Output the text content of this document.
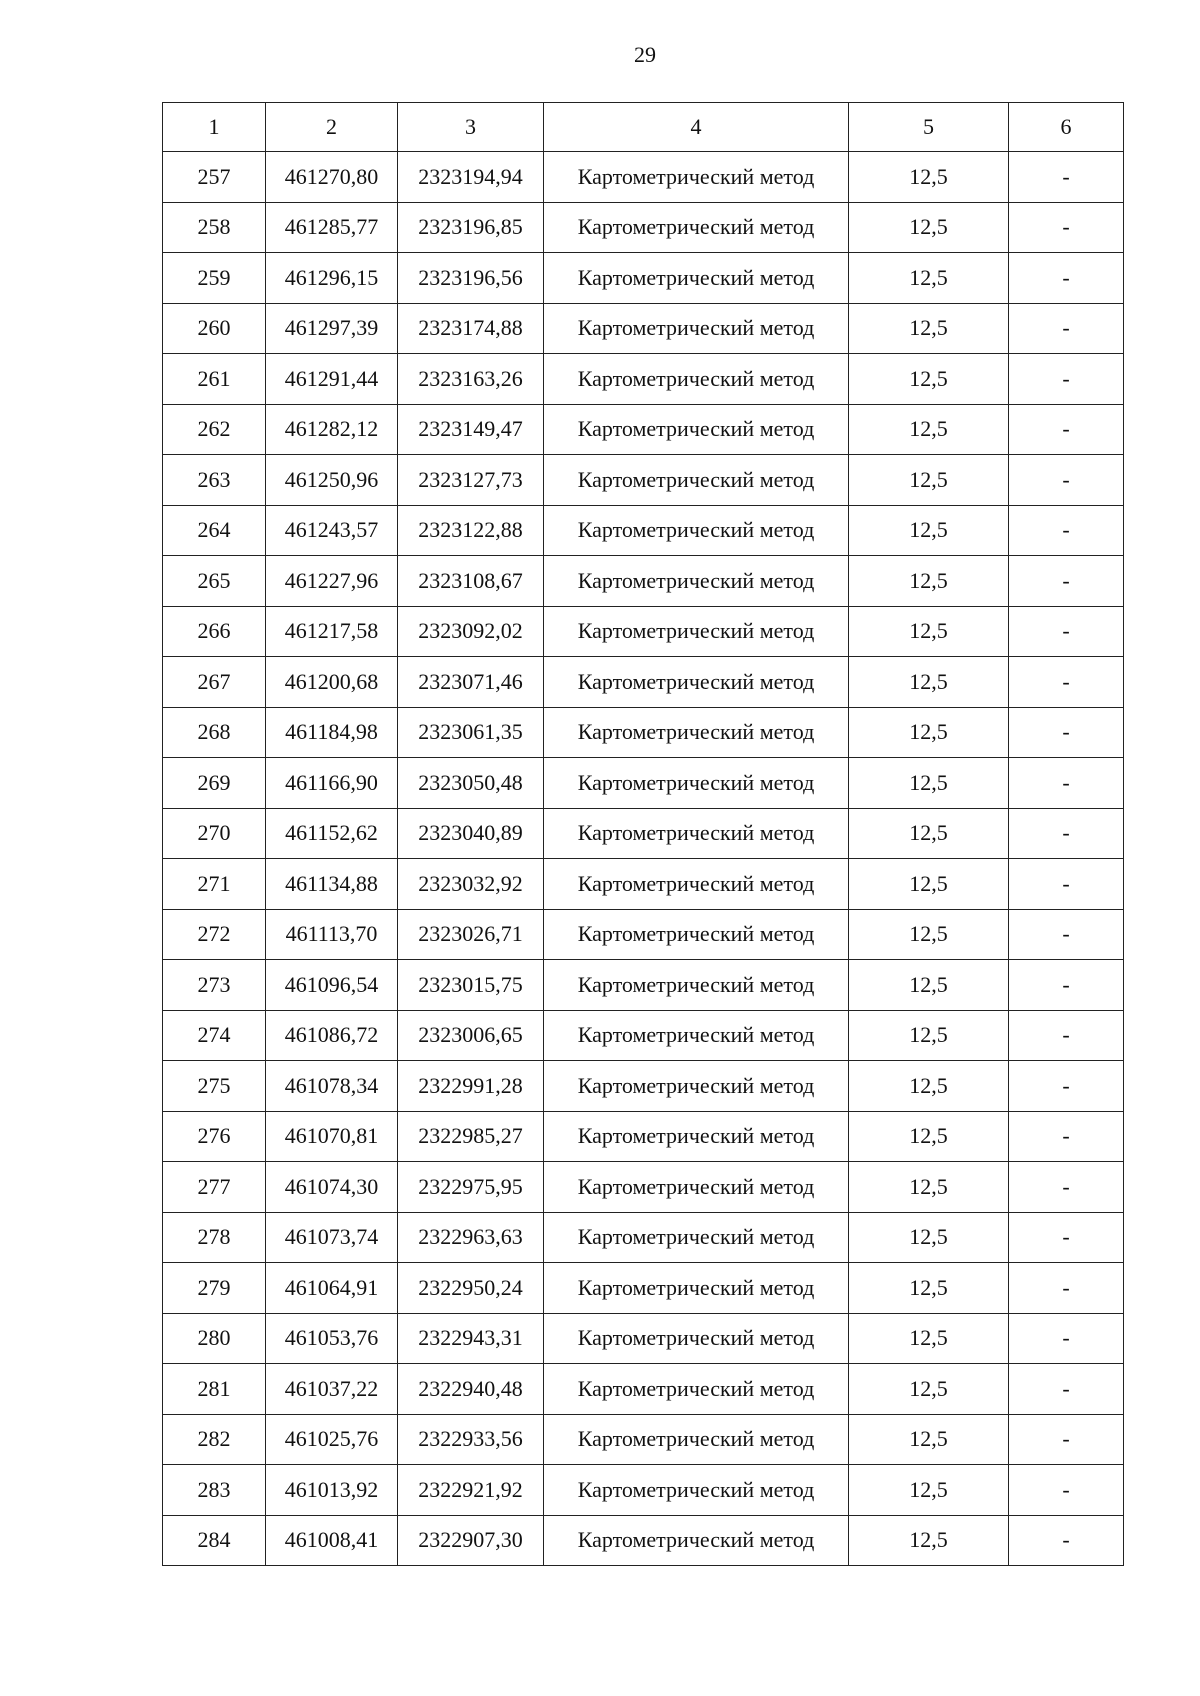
29
1	2	3	4	5	6
257	461270,80	2323194,94	Картометрический метод	12,5	-
258	461285,77	2323196,85	Картометрический метод	12,5	-
259	461296,15	2323196,56	Картометрический метод	12,5	-
260	461297,39	2323174,88	Картометрический метод	12,5	-
261	461291,44	2323163,26	Картометрический метод	12,5	-
262	461282,12	2323149,47	Картометрический метод	12,5	-
263	461250,96	2323127,73	Картометрический метод	12,5	-
264	461243,57	2323122,88	Картометрический метод	12,5	-
265	461227,96	2323108,67	Картометрический метод	12,5	-
266	461217,58	2323092,02	Картометрический метод	12,5	-
267	461200,68	2323071,46	Картометрический метод	12,5	-
268	461184,98	2323061,35	Картометрический метод	12,5	-
269	461166,90	2323050,48	Картометрический метод	12,5	-
270	461152,62	2323040,89	Картометрический метод	12,5	-
271	461134,88	2323032,92	Картометрический метод	12,5	-
272	461113,70	2323026,71	Картометрический метод	12,5	-
273	461096,54	2323015,75	Картометрический метод	12,5	-
274	461086,72	2323006,65	Картометрический метод	12,5	-
275	461078,34	2322991,28	Картометрический метод	12,5	-
276	461070,81	2322985,27	Картометрический метод	12,5	-
277	461074,30	2322975,95	Картометрический метод	12,5	-
278	461073,74	2322963,63	Картометрический метод	12,5	-
279	461064,91	2322950,24	Картометрический метод	12,5	-
280	461053,76	2322943,31	Картометрический метод	12,5	-
281	461037,22	2322940,48	Картометрический метод	12,5	-
282	461025,76	2322933,56	Картометрический метод	12,5	-
283	461013,92	2322921,92	Картометрический метод	12,5	-
284	461008,41	2322907,30	Картометрический метод	12,5	-
